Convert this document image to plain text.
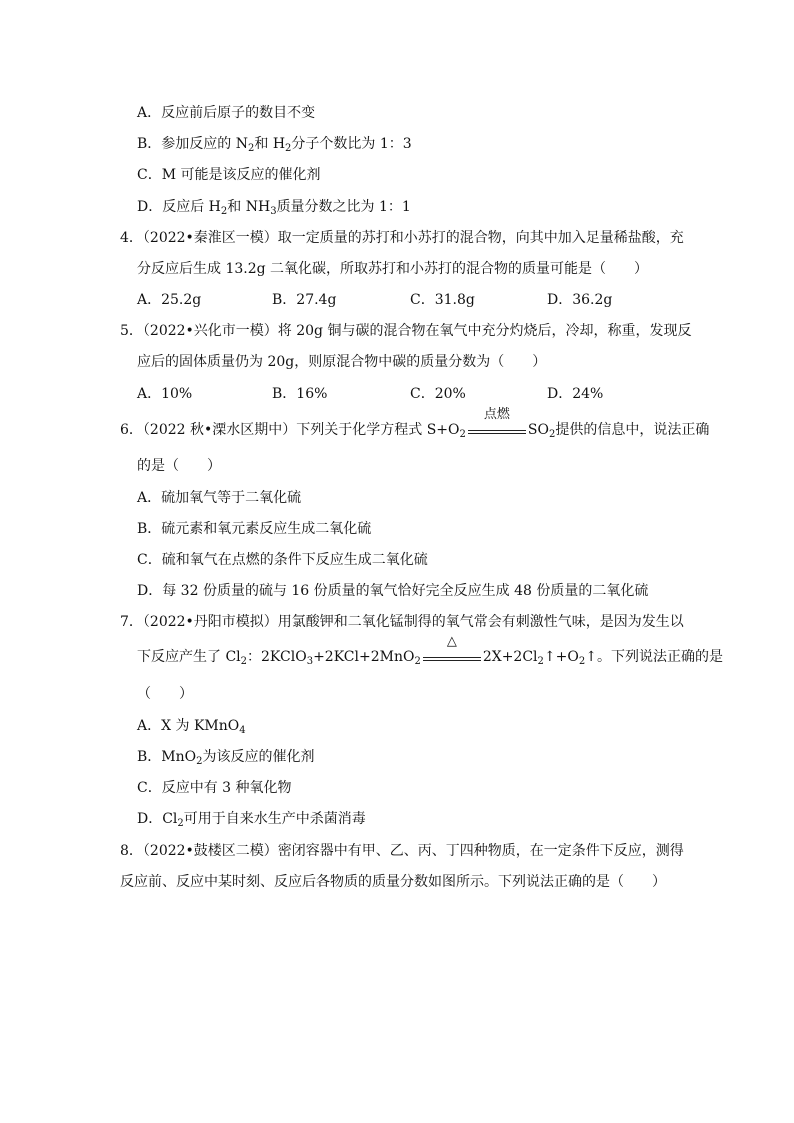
A．反应前后原子的数目不变
B．参加反应的 $N_2$和 $H_2$分子个数比为 1：3
C．M 可能是该反应的催化剂
D．反应后 $H_2$和 $NH_3$质量分数之比为 1：1
4．（2022•秦淮区一模）取一定质量的苏打和小苏打的混合物，向其中加入足量稀盐酸，充
分反应后生成 13.2g 二氧化碳，所取苏打和小苏打的混合物的质量可能是（　　）
A．25.2g	B．27.4g	C．31.8g	D．36.2g
5．（2022•兴化市一模）将 20g 铜与碳的混合物在氧气中充分灼烧后，冷却，称重，发现反
应后的固体质量仍为 20g，则原混合物中碳的质量分数为（　　）
A．10%	B．16%	C．20%	D．24%
6．（2022 秋•溧水区期中）下列关于化学方程式 $S+O_2$
点燃
$SO_2$提供的信息中，说法正确
的是（　　）
A．硫加氧气等于二氧化硫
B．硫元素和氧元素反应生成二氧化硫
C．硫和氧气在点燃的条件下反应生成二氧化硫
D．每 32 份质量的硫与 16 份质量的氧气恰好完全反应生成 48 份质量的二氧化硫
7．（2022•丹阳市模拟）用氯酸钾和二氧化锰制得的氧气常会有刺激性气味，是因为发生以
下反应产生了 $Cl_2$：2KClO$_3$+2KCl+2MnO$_2$
△
$2X+2Cl_2↑+O_2↑$。下列说法正确的是
（　　）
A．X 为 KMnO$_4$
B．MnO$_2$为该反应的催化剂
C．反应中有 3 种氧化物
D．$Cl_2$可用于自来水生产中杀菌消毒
8．（2022•鼓楼区二模）密闭容器中有甲、乙、丙、丁四种物质，在一定条件下反应，测得
反应前、反应中某时刻、反应后各物质的质量分数如图所示。下列说法正确的是（　　）
